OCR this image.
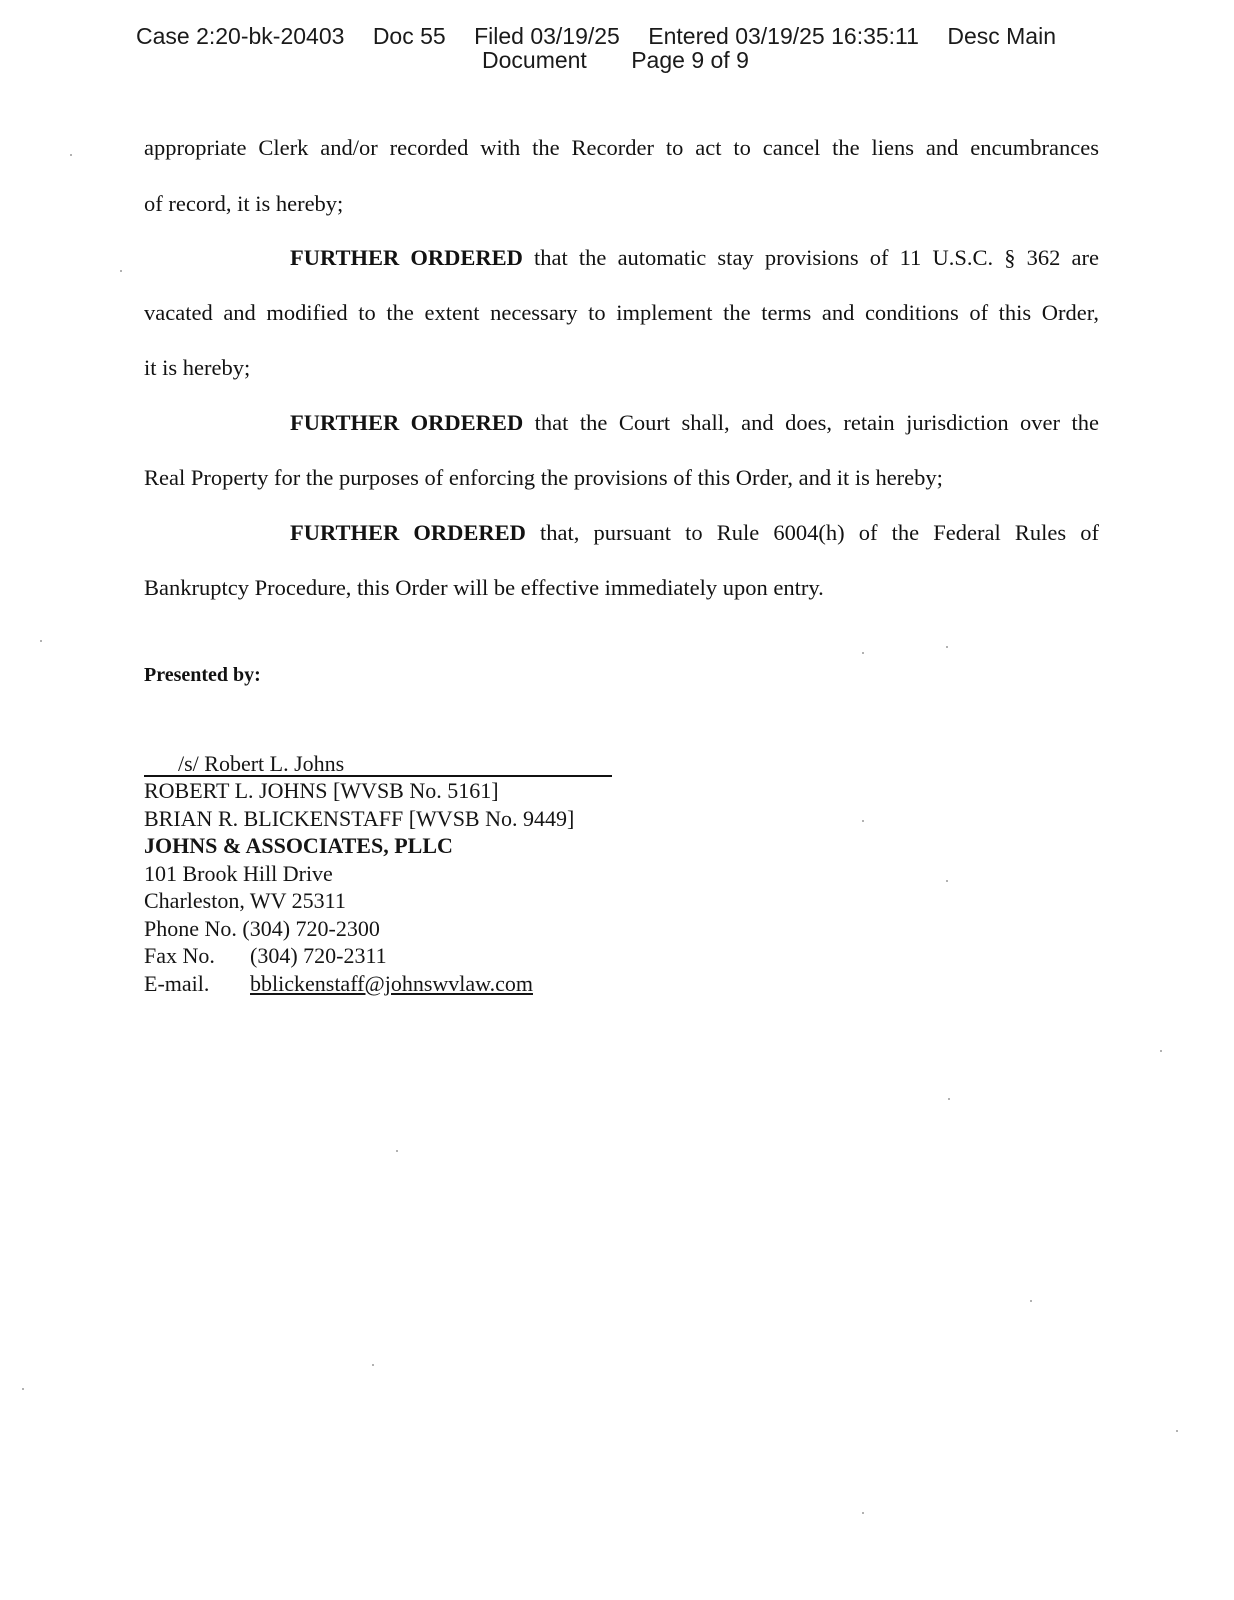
Case 2:20-bk-20403 Doc 55 Filed 03/19/25 Entered 03/19/25 16:35:11 Desc Main
Document Page 9 of 9
appropriate Clerk and/or recorded with the Recorder to act to cancel the liens and encumbrances
of record, it is hereby;
FURTHER ORDERED that the automatic stay provisions of 11 U.S.C. § 362 are
vacated and modified to the extent necessary to implement the terms and conditions of this Order,
it is hereby;
FURTHER ORDERED that the Court shall, and does, retain jurisdiction over the
Real Property for the purposes of enforcing the provisions of this Order, and it is hereby;
FURTHER ORDERED that, pursuant to Rule 6004(h) of the Federal Rules of
Bankruptcy Procedure, this Order will be effective immediately upon entry.
Presented by:
/s/ Robert L. Johns
ROBERT L. JOHNS [WVSB No. 5161]
BRIAN R. BLICKENSTAFF [WVSB No. 9449]
JOHNS & ASSOCIATES, PLLC
101 Brook Hill Drive
Charleston, WV 25311
Phone No. (304) 720-2300
Fax No. (304) 720-2311
E-mail. bblickenstaff@johnswvlaw.com
